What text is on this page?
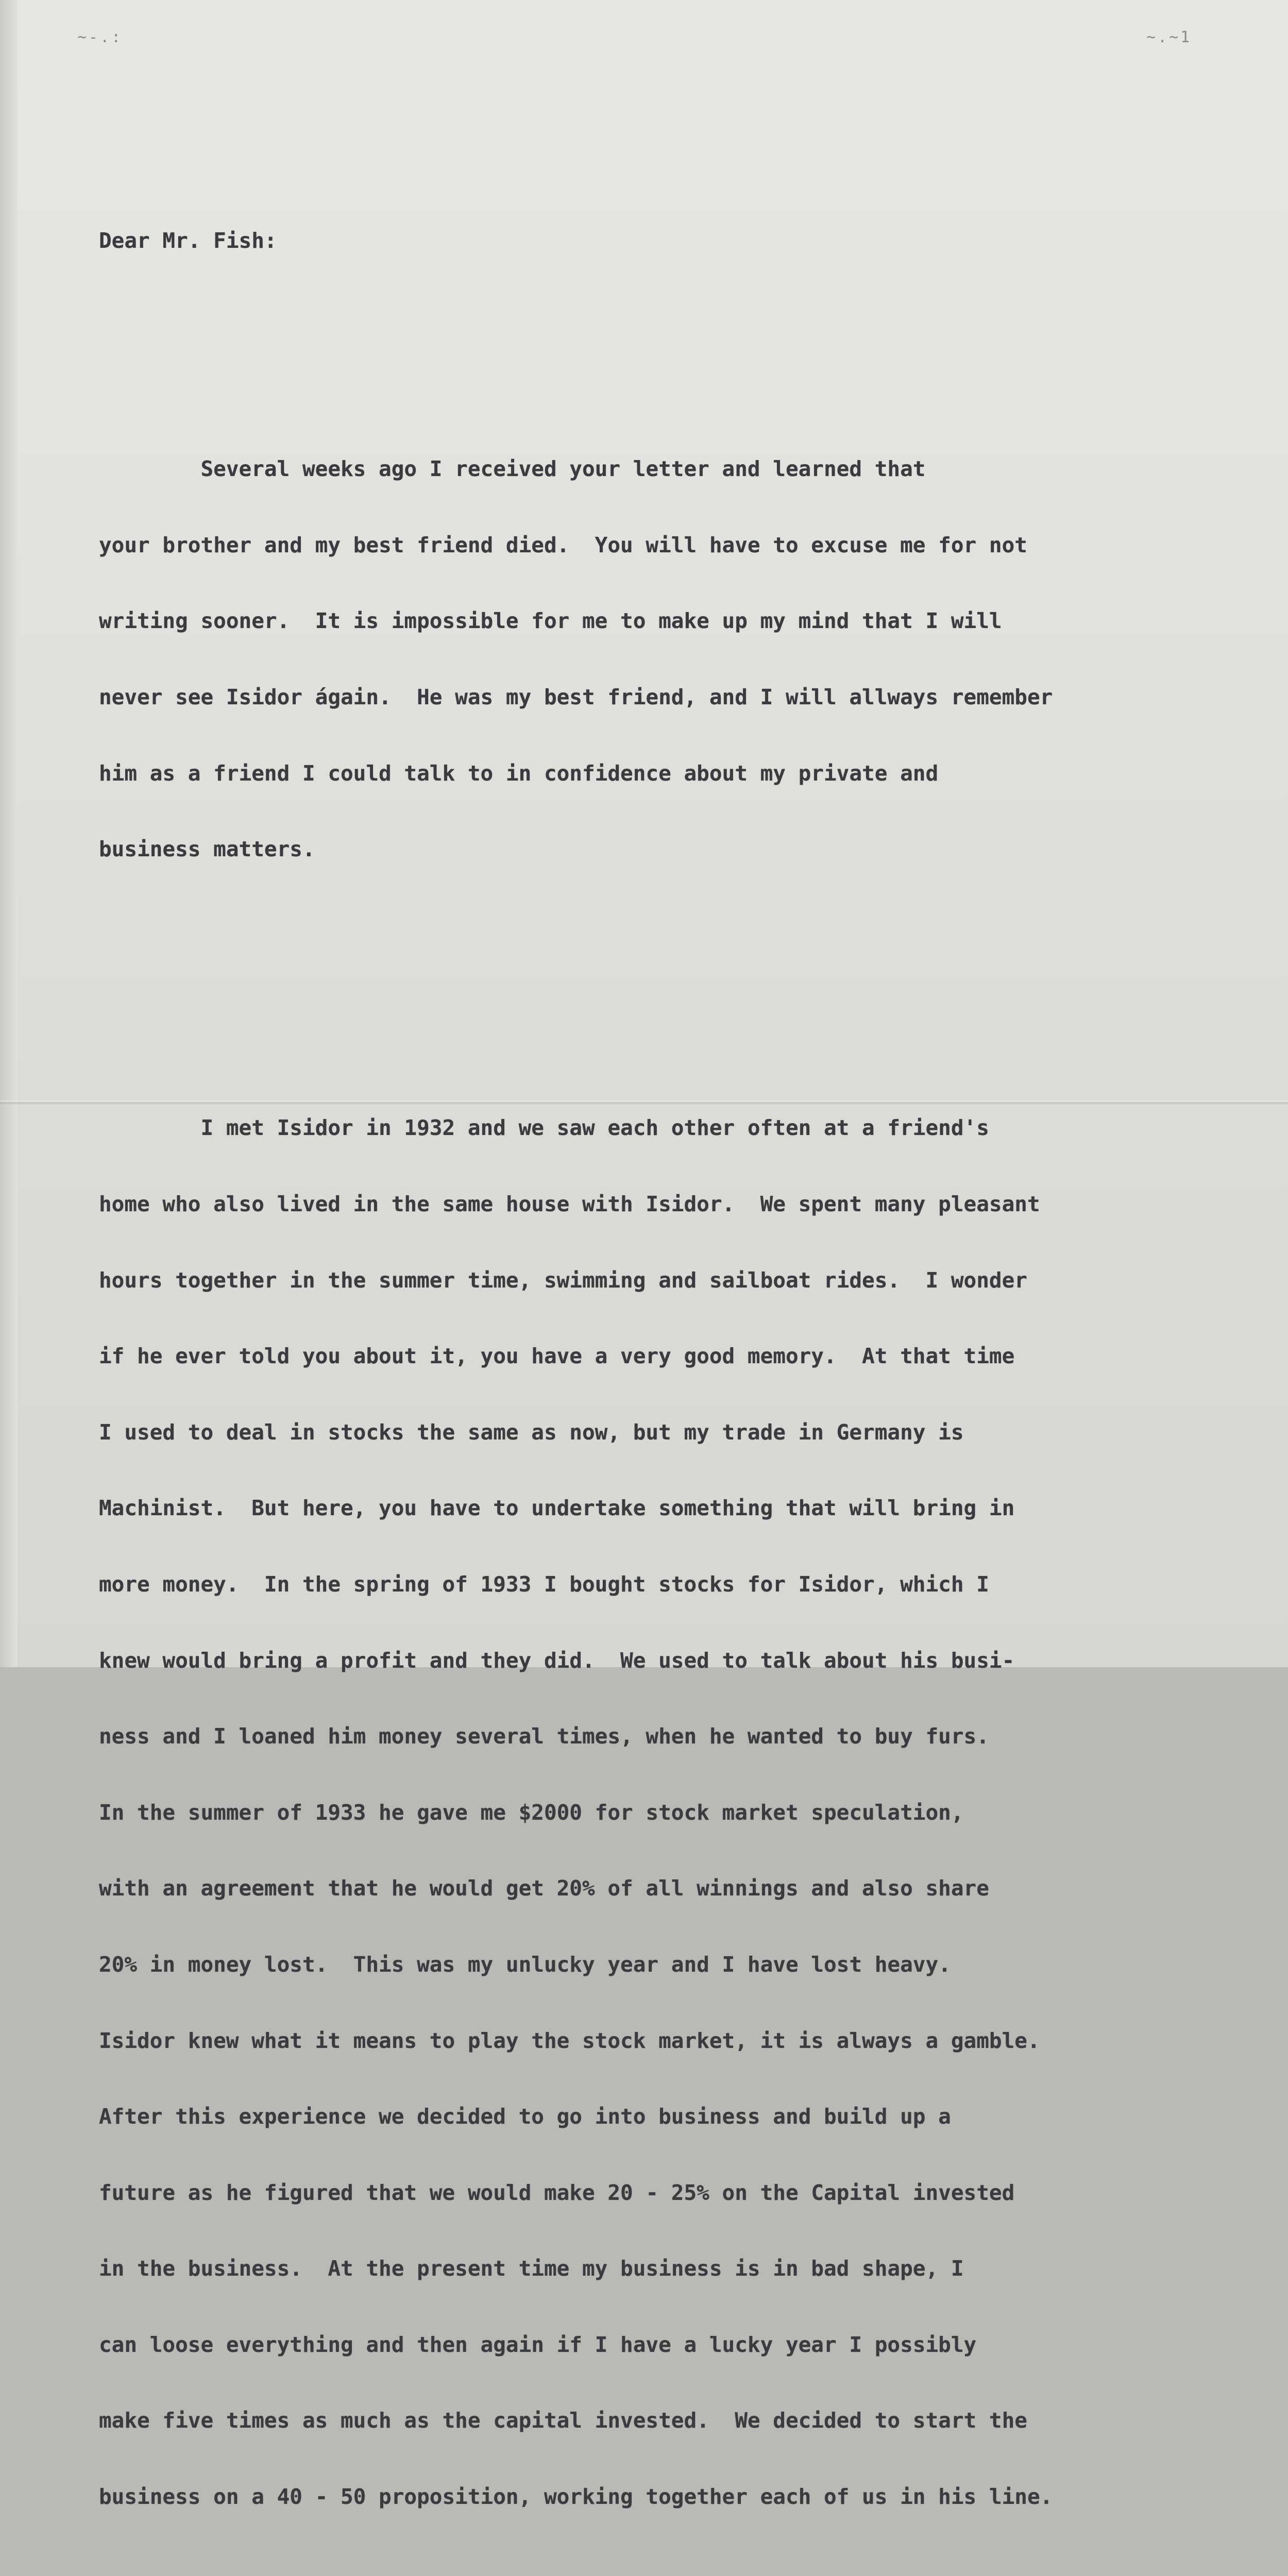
~-.:	~.~1

Dear Mr. Fish:

Several weeks ago I received your letter and learned that

your brother and my best friend died.  You will have to excuse me for not

writing sooner.  It is impossible for me to make up my mind that I will

never see Isidor ágain.  He was my best friend, and I will allways remember

him as a friend I could talk to in confidence about my private and

business matters.

I met Isidor in 1932 and we saw each other often at a friend's

home who also lived in the same house with Isidor.  We spent many pleasant

hours together in the summer time, swimming and sailboat rides.  I wonder

if he ever told you about it, you have a very good memory.  At that time

I used to deal in stocks the same as now, but my trade in Germany is

Machinist.  But here, you have to undertake something that will bring in

more money.  In the spring of 1933 I bought stocks for Isidor, which I

knew would bring a profit and they did.  We used to talk about his busi-

ness and I loaned him money several times, when he wanted to buy furs.

In the summer of 1933 he gave me $2000 for stock market speculation,

with an agreement that he would get 20% of all winnings and also share

20% in money lost.  This was my unlucky year and I have lost heavy.

Isidor knew what it means to play the stock market, it is always a gamble.

After this experience we decided to go into business and build up a

future as he figured that we would make 20 - 25% on the Capital invested

in the business.  At the present time my business is in bad shape, I

can loose everything and then again if I have a lucky year I possibly

make five times as much as the capital invested.  We decided to start the

business on a 40 - 50 proposition, working together each of us in his line.
